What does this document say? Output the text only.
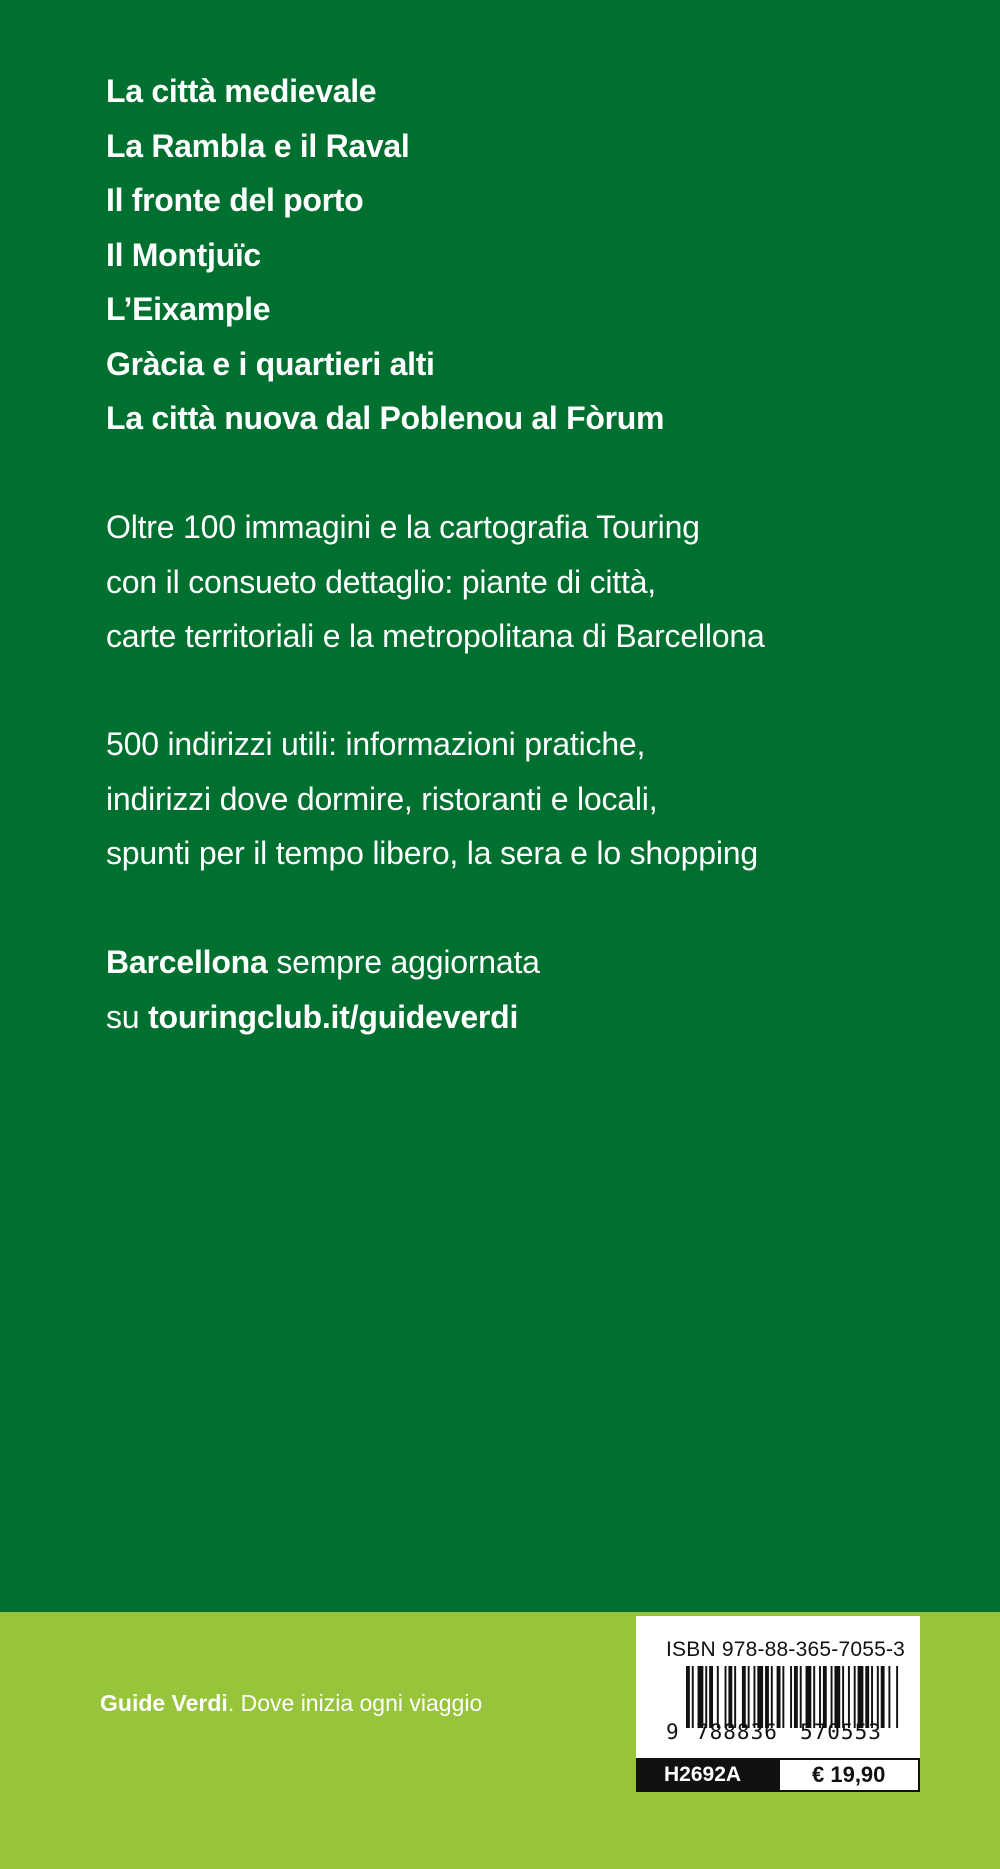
La città medievale
La Rambla e il Raval
Il fronte del porto
Il Montjuïc
L’Eixample
Gràcia e i quartieri alti
La città nuova dal Poblenou al Fòrum

Oltre 100 immagini e la cartografia Touring
con il consueto dettaglio: piante di città,
carte territoriali e la metropolitana di Barcellona

500 indirizzi utili: informazioni pratiche,
indirizzi dove dormire, ristoranti e locali,
spunti per il tempo libero, la sera e lo shopping

Barcellona sempre aggiornata
su touringclub.it/guideverdi

Guide Verdi. Dove inizia ogni viaggio
ISBN 978-88-365-7055-3
9 788836 570553
H2692A	€ 19,90
